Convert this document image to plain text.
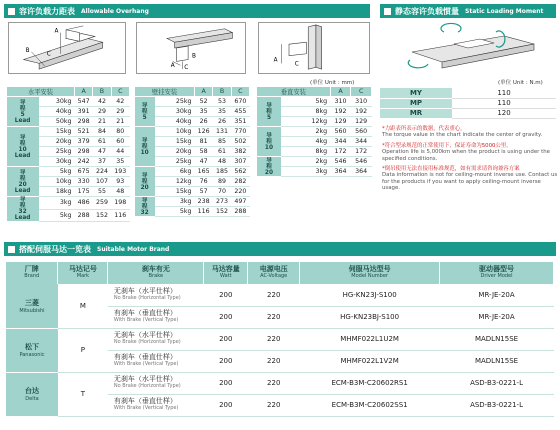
容许负载力距表 Allowable Overhang	静态容许负载惯量 Static Loading Moment
A
C
B
A C
B
A
C
(单位 Unit : mm)	(单位 Unit : N.m)
水平安装		A	B	C

导
程
5
Lead	30kg	547	42	42
	40kg	391	29	29
	50kg	298	21	21

导
程
10
Lead	15kg	521	84	80
	20kg	379	61	60
	25kg	298	47	44
	30kg	242	37	35

导
程
20
Lead	5kg	675	224	193
	10kg	330	107	93
	18kg	175	55	48

导
程
32
Lead	3kg	486	259	198
	5kg	288	152	116
壁挂安装		A	B	C

导
程
5	25kg	52	53	670
	30kg	35	35	455
	40kg	26	26	351

导
程
10	10kg	126	131	770
	15kg	81	85	502
	20kg	58	61	382
	25kg	47	48	307

导
程
20	6kg	165	185	562
	12kg	76	89	282
	15kg	57	70	220

导
程
32	3kg	238	273	497
	5kg	116	152	288
垂直安装		A	C

导
程
5	5kg	310	310
	8kg	192	192
	12kg	129	129

导
程
10	2kg	560	560
	4kg	344	344
	8kg	172	172

导
程
20	2kg	546	546
	3kg	364	364
MY	110
MP	110
MR	120
*力距表所表示的数据，代表重心。
The torque value in the chart indicate the center of gravity.
*符合型录规范的正常使用下，保证寿命为5000公里。
Operation life is 5,000km when the product is using under the specified conditions.
*倒吊使用无法直接用标准规范，如有需求请咨询兼容方案
Data information is not for ceiling-mount inverse use. Contact us for the products if you want to apply ceiling-mount inverse usage.
搭配伺服马达一览表 Suitable Motor Brand
厂牌
Brand	马达记号
Mark	刹车有无
Brake	马达容量
Watt	电源电压
AC-Voltage	伺服马达型号
Model Number	驱动器型号
Driver Model

三菱
Mitsubishi	M	无刹车（水平仕样）
No Brake (Horizontal Type)	200	220	HG-KN23J-S100	MR-JE-20A
		有刹车（垂直仕样）
With Brake (Vertical Type)	200	220	HG-KN23BJ-S100	MR-JE-20A
松下
Panasonic	P	无刹车（水平仕样）
No Brake (Horizontal Type)	200	220	MHMF022L1U2M	MADLN15SE
		有刹车（垂直仕样）
With Brake (Vertical Type)	200	220	MHMF022L1V2M	MADLN15SE
台达
Delta	T	无刹车（水平仕样）
No Brake (Horizontal Type)	200	220	ECM-B3M-C20602RS1	ASD-B3-0221-L
		有刹车（垂直仕样）
With Brake (Vertical Type)	200	220	ECM-B3M-C20602SS1	ASD-B3-0221-L
